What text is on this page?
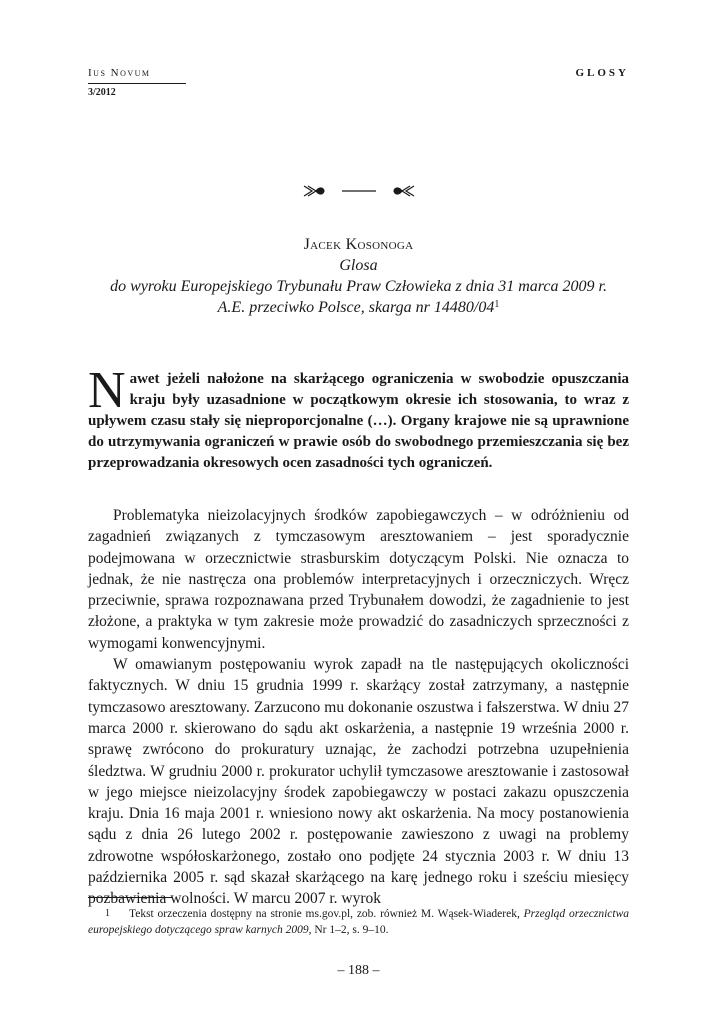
Ius Novum
3/2012
GLOSY
Jacek Kosonoga
Glosa
do wyroku Europejskiego Trybunału Praw Człowieka z dnia 31 marca 2009 r.
A.E. przeciwko Polsce, skarga nr 14480/04$^1$
Nawet jeżeli nałożone na skarżącego ograniczenia w swobodzie opuszczania kraju były uzasadnione w początkowym okresie ich stosowania, to wraz z upływem czasu stały się nieproporcjonalne (…). Organy krajowe nie są uprawnione do utrzymywania ograniczeń w prawie osób do swobodnego przemieszczania się bez przeprowadzania okresowych ocen zasadności tych ograniczeń.

Problematyka nieizolacyjnych środków zapobiegawczych – w odróżnieniu od zagadnień związanych z tymczasowym aresztowaniem – jest sporadycznie podejmowana w orzecznictwie strasburskim dotyczącym Polski. Nie oznacza to jednak, że nie nastręcza ona problemów interpretacyjnych i orzeczniczych. Wręcz przeciwnie, sprawa rozpoznawana przed Trybunałem dowodzi, że zagadnienie to jest złożone, a praktyka w tym zakresie może prowadzić do zasadniczych sprzeczności z wymogami konwencyjnymi.

W omawianym postępowaniu wyrok zapadł na tle następujących okoliczności faktycznych. W dniu 15 grudnia 1999 r. skarżący został zatrzymany, a następnie tymczasowo aresztowany. Zarzucono mu dokonanie oszustwa i fałszerstwa. W dniu 27 marca 2000 r. skierowano do sądu akt oskarżenia, a następnie 19 września 2000 r. sprawę zwrócono do prokuratury uznając, że zachodzi potrzebna uzupełnienia śledztwa. W grudniu 2000 r. prokurator uchylił tymczasowe aresztowanie i zastosował w jego miejsce nieizolacyjny środek zapobiegawczy w postaci zakazu opuszczenia kraju. Dnia 16 maja 2001 r. wniesiono nowy akt oskarżenia. Na mocy postanowienia sądu z dnia 26 lutego 2002 r. postępowanie zawieszono z uwagi na problemy zdrowotne współoskarżonego, zostało ono podjęte 24 stycznia 2003 r. W dniu 13 października 2005 r. sąd skazał skarżącego na karę jednego roku i sześciu miesięcy pozbawienia wolności. W marcu 2007 r. wyrok

1 Tekst orzeczenia dostępny na stronie ms.gov.pl, zob. również M. Wąsek-Wiaderek, Przegląd orzecznictwa europejskiego dotyczącego spraw karnych 2009, Nr 1–2, s. 9–10.
– 188 –
